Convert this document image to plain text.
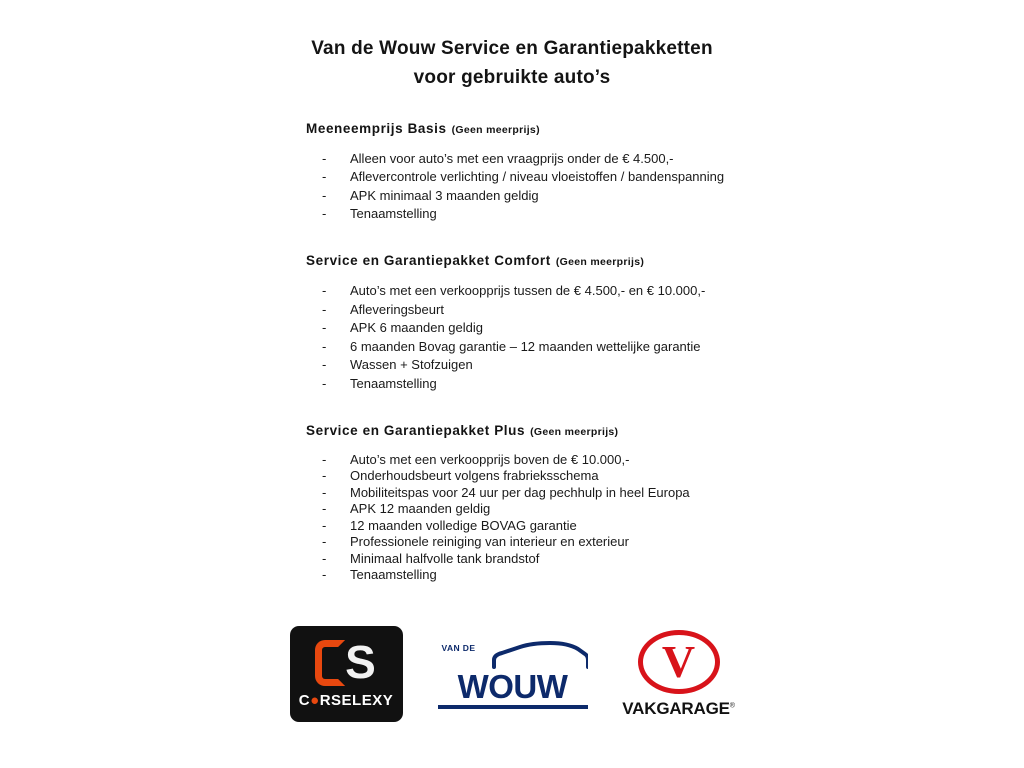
Van de Wouw Service en Garantiepakketten
voor gebruikte auto’s
Meeneemprijs Basis (Geen meerprijs)
- Alleen voor auto’s met een vraagprijs onder de € 4.500,-
- Aflevercontrole verlichting / niveau vloeistoffen / bandenspanning
- APK minimaal 3 maanden geldig
- Tenaamstelling
Service en Garantiepakket Comfort (Geen meerprijs)
- Auto’s met een verkoopprijs tussen de € 4.500,- en € 10.000,-
- Afleveringsbeurt
- APK 6 maanden geldig
- 6 maanden Bovag garantie – 12 maanden wettelijke garantie
- Wassen + Stofzuigen
- Tenaamstelling
Service en Garantiepakket Plus (Geen meerprijs)
- Auto’s met een verkoopprijs boven de € 10.000,-
- Onderhoudsbeurt volgens frabrieksschema
- Mobiliteitspas voor 24 uur per dag pechhulp in heel Europa
- APK 12 maanden geldig
- 12 maanden volledige BOVAG garantie
- Professionele reiniging van interieur en exterieur
- Minimaal halfvolle tank brandstof
- Tenaamstelling
S
C●RSELEXY
VAN DE
WOUW V
VAKGARAGE®
